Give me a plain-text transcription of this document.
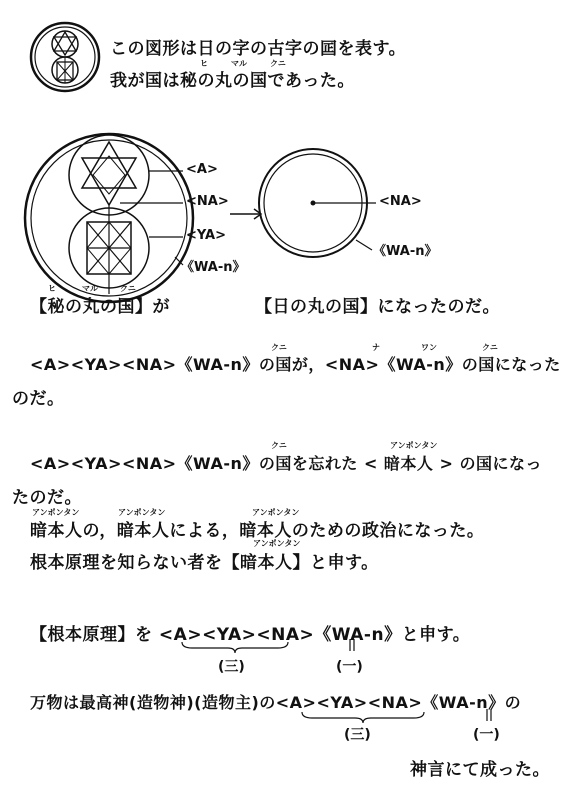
ヒ	マル	クニ
この図形は日の字の古字の囸を表す。
我が国は秘の丸の国であった。
<A>
<NA>
<YA>
《WA-n》
<NA>
《WA-n》
ヒ	マル	クニ
【秘の丸の国】が	【日の丸の国】になったのだ。
クニ	ナ	ワン	クニ
<A><YA><NA>《WA-n》の国が，<NA>《WA-n》の国になった
のだ。
クニ	アンポンタン
<A><YA><NA>《WA-n》の国を忘れた < 暗本人 > の国になっ
たのだ。
アンポンタン	アンポンタン	アンポンタン
暗本人の，暗本人による，暗本人のための政治になった。
アンポンタン
根本原理を知らない者を【暗本人】と申す。
【根本原理】を <A><YA><NA>《WA-n》と申す。
(三)	(一)
万物は最高神(造物神)(造物主)の<A><YA><NA>《WA-n》の
(三)	(一)
神言にて成った。
